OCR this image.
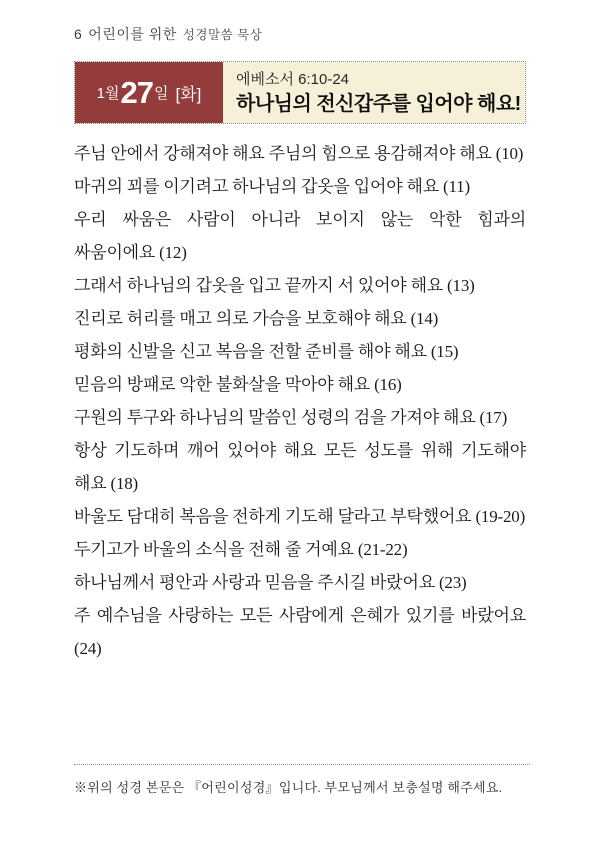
6 어린이를 위한 성경말씀 묵상
1월 27 일 [화]
에베소서 6:10-24
하나님의 전신갑주를 입어야 해요!

주님 안에서 강해져야 해요 주님의 힘으로 용감해져야 해요 (10)

마귀의 꾀를 이기려고 하나님의 갑옷을 입어야 해요 (11)

우리 싸움은 사람이 아니라 보이지 않는 악한 힘과의 싸움이에요 (12)

그래서 하나님의 갑옷을 입고 끝까지 서 있어야 해요 (13)

진리로 허리를 매고 의로 가슴을 보호해야 해요 (14)

평화의 신발을 신고 복음을 전할 준비를 해야 해요 (15)

믿음의 방패로 악한 불화살을 막아야 해요 (16)

구원의 투구와 하나님의 말씀인 성령의 검을 가져야 해요 (17)

항상 기도하며 깨어 있어야 해요 모든 성도를 위해 기도해야 해요 (18)

바울도 담대히 복음을 전하게 기도해 달라고 부탁했어요 (19-20)

두기고가 바울의 소식을 전해 줄 거예요 (21-22)

하나님께서 평안과 사랑과 믿음을 주시길 바랐어요 (23)

주 예수님을 사랑하는 모든 사람에게 은혜가 있기를 바랐어요 (24)

※위의 성경 본문은 『어린이성경』입니다. 부모님께서 보충설명 해주세요.
